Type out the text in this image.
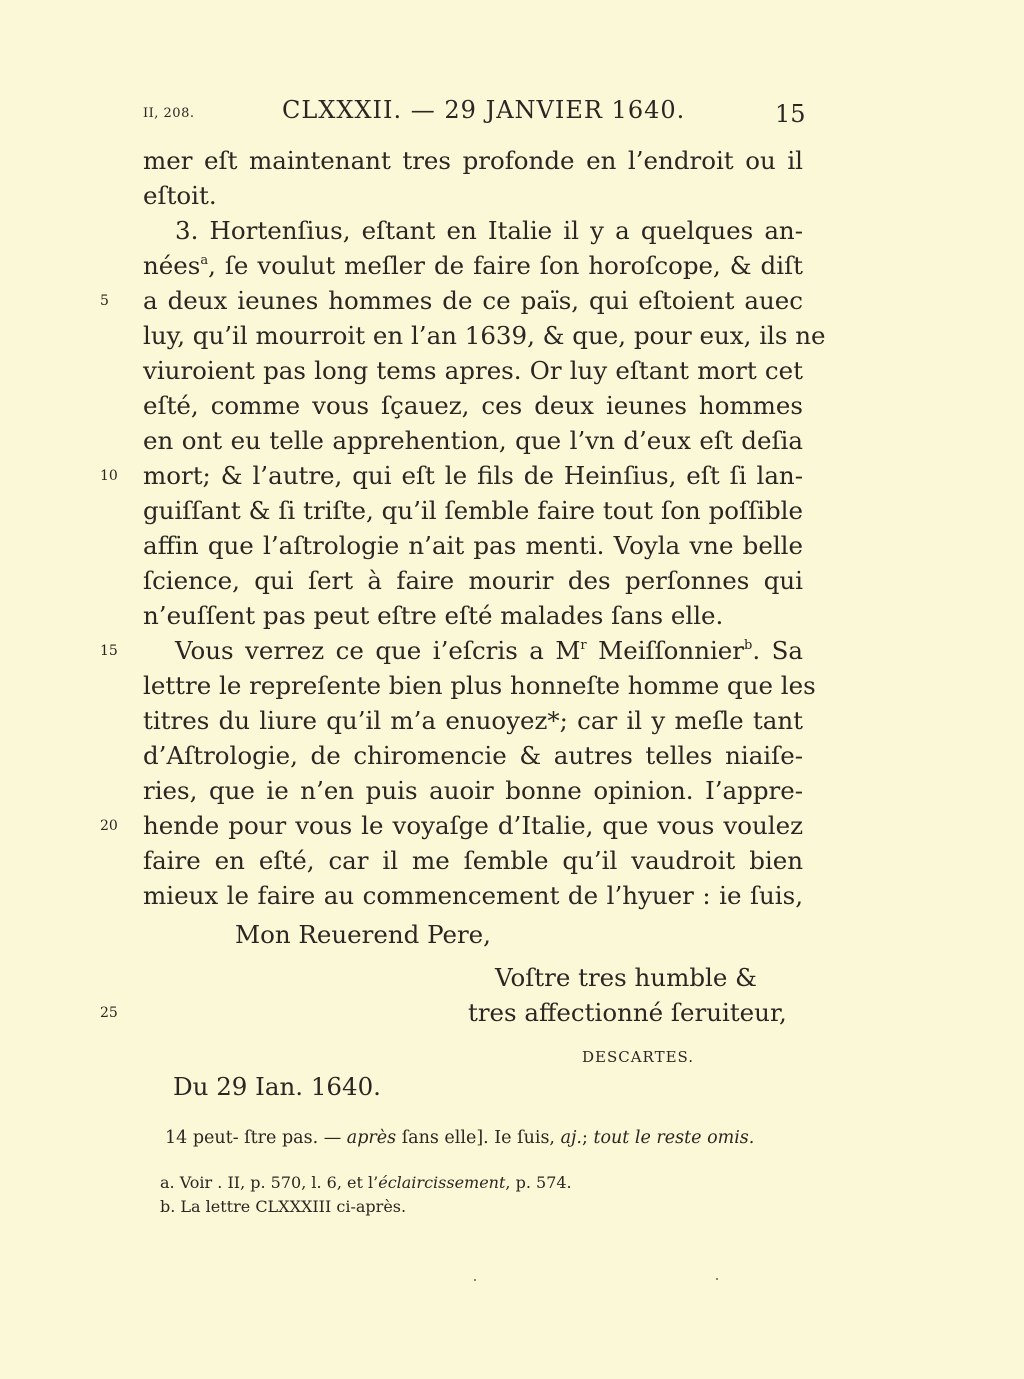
II, 208.	CLXXXII. — 29 JANVIER 1640.	15
mer eſt maintenant tres profonde en l’endroit ou il
eſtoit.
3. Hortenſius, eſtant en Italie il y a quelques an-
nées$^a$, ſe voulut meſler de faire ſon horoſcope, & diſt
a deux ieunes hommes de ce païs, qui eſtoient auec
luy, qu’il mourroit en l’an 1639, & que, pour eux, ils ne
viuroient pas long tems apres. Or luy eſtant mort cet
eſté, comme vous ſçauez, ces deux ieunes hommes
en ont eu telle apprehention, que l’vn d’eux eſt deſia
mort; & l’autre, qui eſt le fils de Heinſius, eſt ſi lan-
guiſſant & ſi triſte, qu’il ſemble faire tout ſon poſſible
affin que l’aſtrologie n’ait pas menti. Voyla vne belle
ſcience, qui ſert à faire mourir des perſonnes qui
n’euſſent pas peut eſtre eſté malades ſans elle.
Vous verrez ce que i’eſcris a $M^r$ Meiſſonnier$^b$. Sa
lettre le repreſente bien plus honneſte homme que les
titres du liure qu’il m’a enuoyez*; car il y meſle tant
d’Aſtrologie, de chiromencie & autres telles niaiſe-
ries, que ie n’en puis auoir bonne opinion. I’appre-
hende pour vous le voyaſge d’Italie, que vous voulez
faire en eſté, car il me ſemble qu’il vaudroit bien
mieux le faire au commencement de l’hyuer : ie ſuis,
5
10
15
20
25
Mon Reuerend Pere,
Voſtre tres humble &
tres affectionné ſeruiteur,
DESCARTES.
Du 29 Ian. 1640.
14 peut- ſtre pas. — après ſans elle]. Ie ſuis, aj.; tout le reste omis.
a. Voir . II, p. 570, l. 6, et l’éclaircissement, p. 574.
b. La lettre CLXXXIII ci-après.
